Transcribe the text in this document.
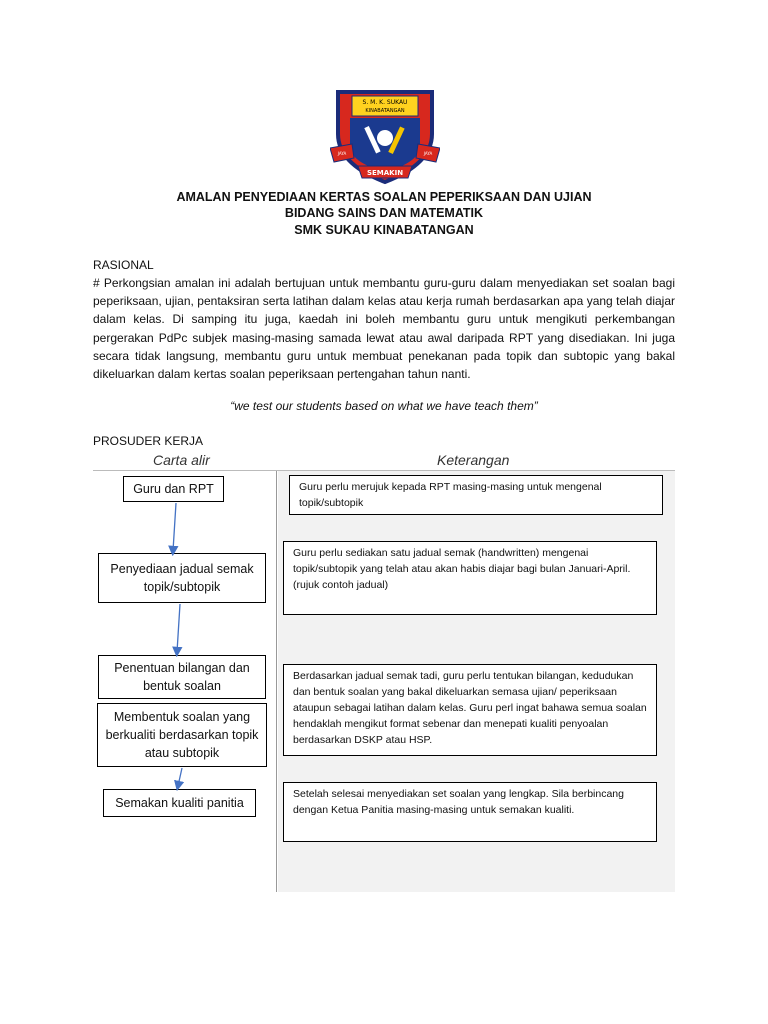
S. M. K. SUKAU
KINABATANGAN
JAYA	JAYA
SEMAKIN
AMALAN PENYEDIAAN KERTAS SOALAN PEPERIKSAAN DAN UJIAN
BIDANG SAINS DAN MATEMATIK
SMK SUKAU KINABATANGAN
RASIONAL
# Perkongsian amalan ini adalah bertujuan untuk membantu guru-guru dalam menyediakan set soalan bagi peperiksaan, ujian, pentaksiran serta latihan dalam kelas atau kerja rumah berdasarkan apa yang telah diajar dalam kelas. Di samping itu juga, kaedah ini boleh membantu guru untuk mengikuti perkembangan pergerakan PdPc subjek masing-masing samada lewat atau awal daripada RPT yang disediakan. Ini juga secara tidak langsung, membantu guru untuk membuat penekanan pada topik dan subtopic yang bakal dikeluarkan dalam kertas soalan peperiksaan pertengahan tahun nanti.
“we test our students based on what we have teach them”
PROSUDER KERJA
Carta alir	Keterangan
Guru dan RPT
Penyediaan jadual semak topik/subtopik
Penentuan bilangan dan bentuk soalan
Membentuk soalan yang berkualiti berdasarkan topik atau subtopik
Semakan kualiti panitia
Guru perlu merujuk kepada RPT masing-masing untuk mengenal topik/subtopik
Guru perlu sediakan satu jadual semak (handwritten) mengenai topik/subtopik yang telah atau akan habis diajar bagi bulan Januari-April.
(rujuk contoh jadual)
Berdasarkan jadual semak tadi, guru perlu tentukan bilangan, kedudukan dan bentuk soalan yang bakal dikeluarkan semasa ujian/ peperiksaan ataupun sebagai latihan dalam kelas. Guru perl ingat bahawa semua soalan hendaklah mengikut format sebenar dan menepati kualiti penyoalan berdasarkan DSKP atau HSP.
Setelah selesai menyediakan set soalan yang lengkap. Sila berbincang dengan Ketua Panitia masing-masing untuk semakan kualiti.
